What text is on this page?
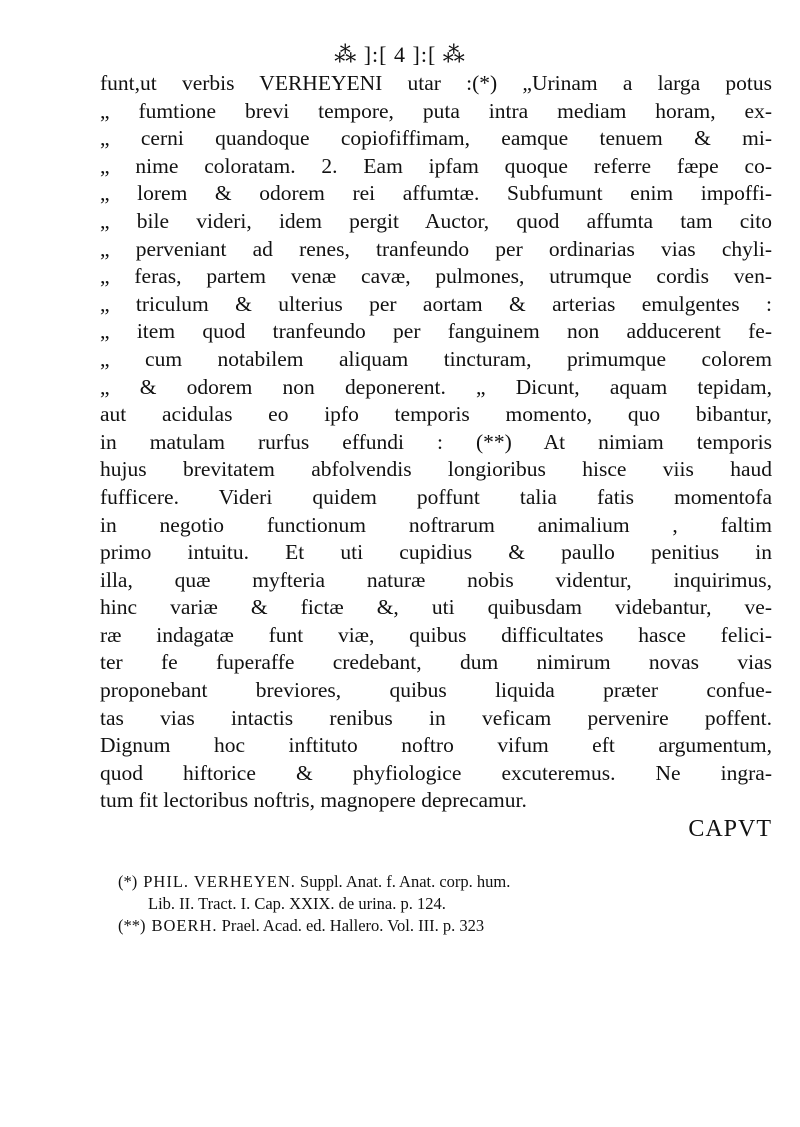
⁂ ]:[ 4 ]:[ ⁂
funt,ut verbis VERHEYENI utar :(*) „Urinam a larga potus
„ fumtione brevi tempore, puta intra mediam horam, ex-
„ cerni quandoque copiofiffimam, eamque tenuem & mi-
„ nime coloratam. 2. Eam ipfam quoque referre fæpe co-
„ lorem & odorem rei affumtæ. Subfumunt enim impoffi-
„ bile videri, idem pergit Auctor, quod affumta tam cito
„ perveniant ad renes, tranfeundo per ordinarias vias chyli-
„ feras, partem venæ cavæ, pulmones, utrumque cordis ven-
„ triculum & ulterius per aortam & arterias emulgentes :
„ item quod tranfeundo per fanguinem non adducerent fe-
„ cum notabilem aliquam tincturam, primumque colorem
„ & odorem non deponerent. „ Dicunt, aquam tepidam,
aut acidulas eo ipfo temporis momento, quo bibantur,
in matulam rurfus effundi : (**) At nimiam temporis
hujus brevitatem abfolvendis longioribus hisce viis haud
fufficere. Videri quidem poffunt talia fatis momentofa
in negotio functionum noftrarum animalium , faltim
primo intuitu. Et uti cupidius & paullo penitius in
illa, quæ myfteria naturæ nobis videntur, inquirimus,
hinc variæ & fictæ &, uti quibusdam videbantur, ve-
ræ indagatæ funt viæ, quibus difficultates hasce felici-
ter fe fuperaffe credebant, dum nimirum novas vias
proponebant breviores, quibus liquida præter confue-
tas vias intactis renibus in veficam pervenire poffent.
Dignum hoc inftituto noftro vifum eft argumentum,
quod hiftorice & phyfiologice excuteremus. Ne ingra-
tum fit lectoribus noftris, magnopere deprecamur.
CAPVT
(*) PHIL. VERHEYEN. Suppl. Anat. f. Anat. corp. hum.
Lib. II. Tract. I. Cap. XXIX. de urina. p. 124.
(**) BOERH. Prael. Acad. ed. Hallero. Vol. III. p. 323
